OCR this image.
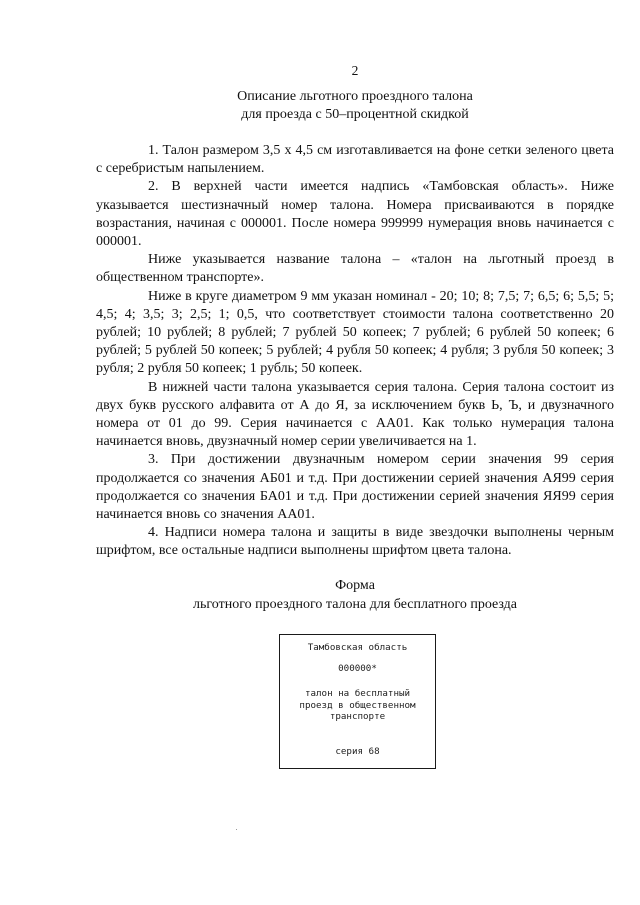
2
Описание льготного проездного талона
для проезда с 50–процентной скидкой

1. Талон размером 3,5 х 4,5 см изготавливается на фоне сетки зеленого цвета с серебристым напылением.

2. В верхней части имеется надпись «Тамбовская область». Ниже указывается шестизначный номер талона. Номера присваиваются в порядке возрастания, начиная с 000001. После номера 999999 нумерация вновь начинается с 000001.

Ниже указывается название талона – «талон на льготный проезд в общественном транспорте».

Ниже в круге диаметром 9 мм указан номинал - 20; 10; 8; 7,5; 7; 6,5; 6; 5,5; 5; 4,5; 4; 3,5; 3; 2,5; 1; 0,5, что соответствует стоимости талона соответственно 20 рублей; 10 рублей; 8 рублей; 7 рублей 50 копеек; 7 рублей; 6 рублей 50 копеек; 6 рублей; 5 рублей 50 копеек; 5 рублей; 4 рубля 50 копеек; 4 рубля; 3 рубля 50 копеек; 3 рубля; 2 рубля 50 копеек; 1 рубль; 50 копеек.

В нижней части талона указывается серия талона. Серия талона состоит из двух букв русского алфавита от А до Я, за исключением букв Ь, Ъ, и двузначного номера от 01 до 99. Серия начинается с АА01. Как только нумерация талона начинается вновь, двузначный номер серии увеличивается на 1.

3. При достижении двузначным номером серии значения 99 серия продолжается со значения АБ01 и т.д. При достижении серией значения АЯ99 серия продолжается со значения БА01 и т.д. При достижении серией значения ЯЯ99 серия начинается вновь со значения АА01.

4. Надписи номера талона и защиты в виде звездочки выполнены черным шрифтом, все остальные надписи выполнены шрифтом цвета талона.

Форма
льготного проездного талона для бесплатного проезда
Тамбовская область
000000*
талон на бесплатный проезд в общественном транспорте
серия 68
